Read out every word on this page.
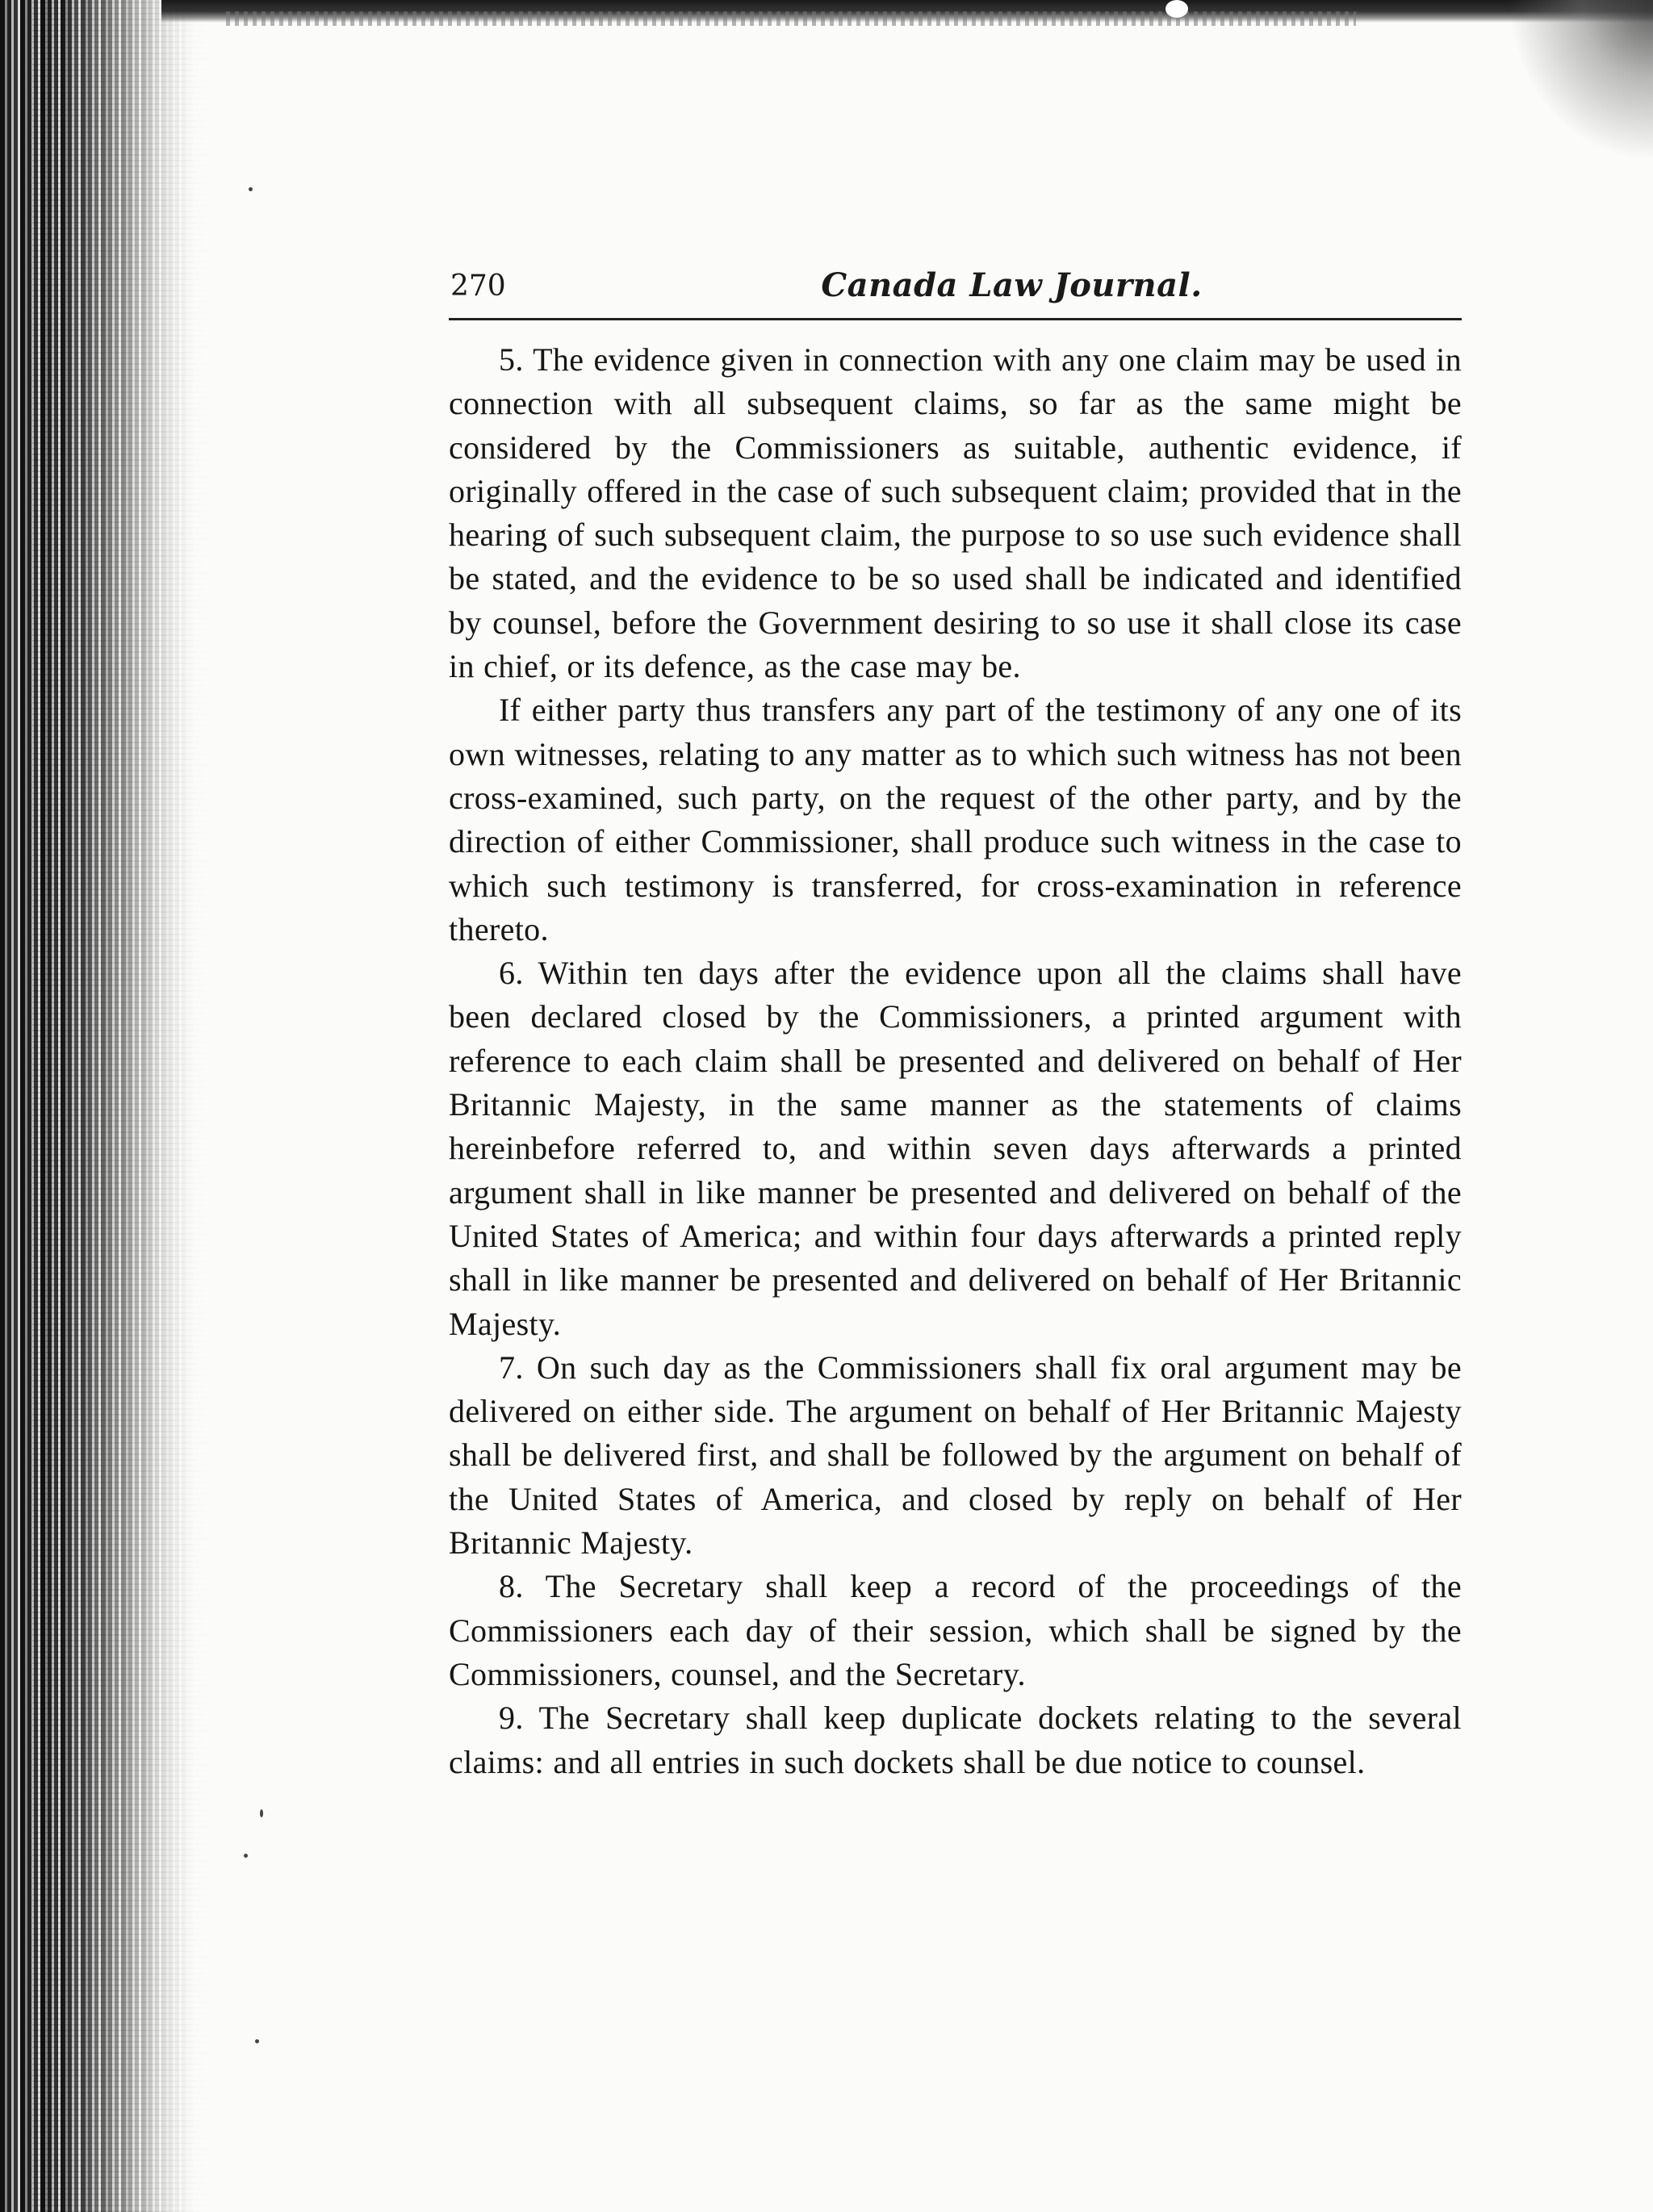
270	Canada Law Journal.

5. The evidence given in connection with any one claim may be used in connection with all subsequent claims, so far as the same might be considered by the Commissioners as suitable, authentic evidence, if originally offered in the case of such subsequent claim; provided that in the hearing of such subsequent claim, the purpose to so use such evidence shall be stated, and the evidence to be so used shall be indicated and identified by counsel, before the Government desiring to so use it shall close its case in chief, or its defence, as the case may be.

If either party thus transfers any part of the testimony of any one of its own witnesses, relating to any matter as to which such witness has not been cross-examined, such party, on the request of the other party, and by the direction of either Commissioner, shall produce such witness in the case to which such testimony is transferred, for cross-examination in reference thereto.

6. Within ten days after the evidence upon all the claims shall have been declared closed by the Commissioners, a printed argument with reference to each claim shall be presented and delivered on behalf of Her Britannic Majesty, in the same manner as the statements of claims hereinbefore referred to, and within seven days afterwards a printed argument shall in like manner be presented and delivered on behalf of the United States of America; and within four days afterwards a printed reply shall in like manner be presented and delivered on behalf of Her Britannic Majesty.

7. On such day as the Commissioners shall fix oral argument may be delivered on either side. The argument on behalf of Her Britannic Majesty shall be delivered first, and shall be followed by the argument on behalf of the United States of America, and closed by reply on behalf of Her Britannic Majesty.

8. The Secretary shall keep a record of the proceedings of the Commissioners each day of their session, which shall be signed by the Commissioners, counsel, and the Secretary.

9. The Secretary shall keep duplicate dockets relating to the several claims: and all entries in such dockets shall be due notice to counsel.
